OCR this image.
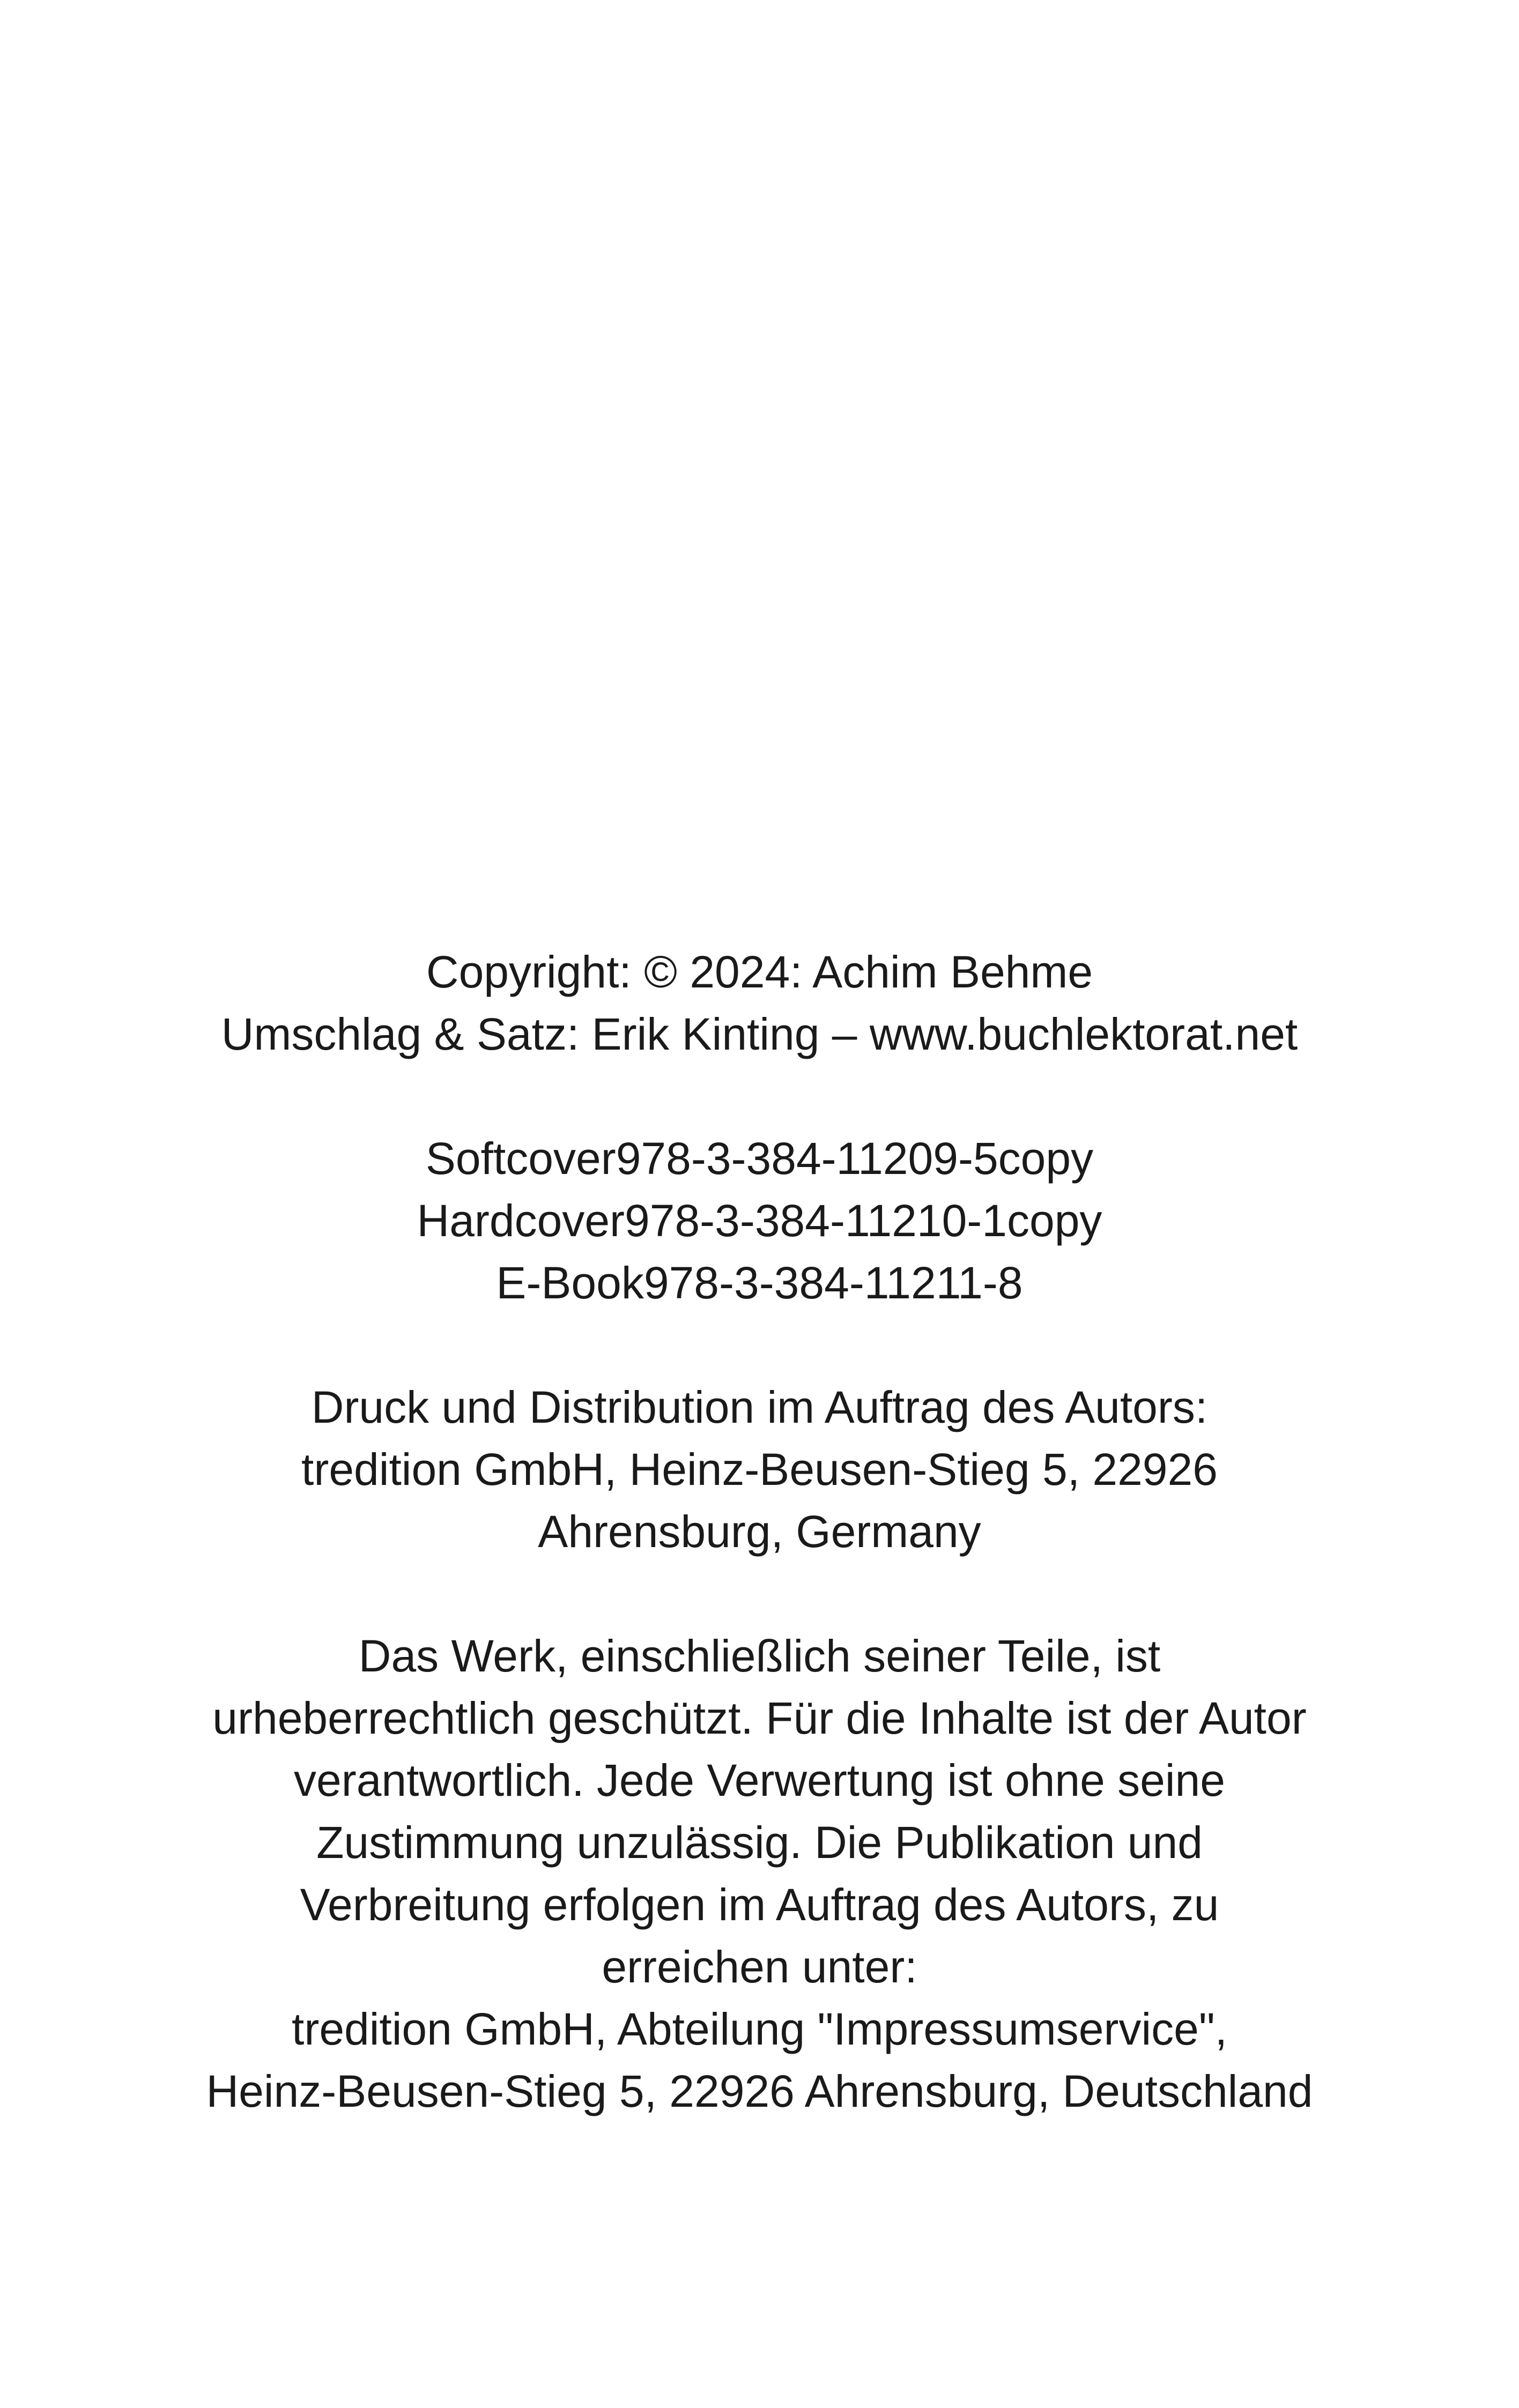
Copyright: © 2024: Achim Behme
Umschlag & Satz: Erik Kinting – www.buchlektorat.net
Softcover978-3-384-11209-5copy
Hardcover978-3-384-11210-1copy
E-Book978-3-384-11211-8
Druck und Distribution im Auftrag des Autors:
tredition GmbH, Heinz-Beusen-Stieg 5, 22926
Ahrensburg, Germany
Das Werk, einschließlich seiner Teile, ist
urheberrechtlich geschützt. Für die Inhalte ist der Autor
verantwortlich. Jede Verwertung ist ohne seine
Zustimmung unzulässig. Die Publikation und
Verbreitung erfolgen im Auftrag des Autors, zu
erreichen unter:
tredition GmbH, Abteilung "Impressumservice",
Heinz-Beusen-Stieg 5, 22926 Ahrensburg, Deutschland
